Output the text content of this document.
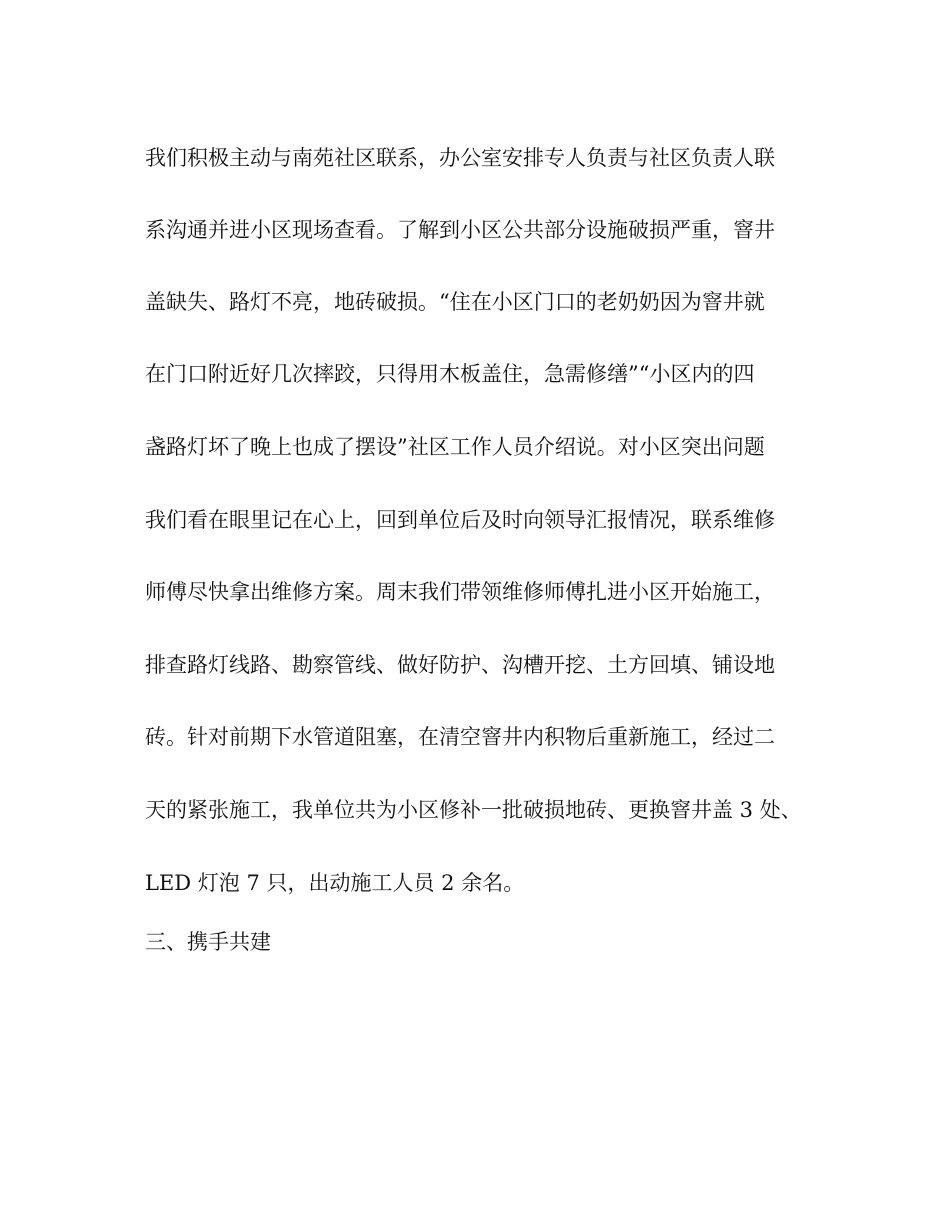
我们积极主动与南苑社区联系，办公室安排专人负责与社区负责人联
系沟通并进小区现场查看。了解到小区公共部分设施破损严重，窨井
盖缺失、路灯不亮，地砖破损。“住在小区门口的老奶奶因为窨井就
在门口附近好几次摔跤，只得用木板盖住，急需修缮”“小区内的四
盏路灯坏了晚上也成了摆设”社区工作人员介绍说。对小区突出问题
我们看在眼里记在心上，回到单位后及时向领导汇报情况，联系维修
师傅尽快拿出维修方案。周末我们带领维修师傅扎进小区开始施工，
排查路灯线路、勘察管线、做好防护、沟槽开挖、土方回填、铺设地
砖。针对前期下水管道阻塞，在清空窨井内积物后重新施工，经过二
天的紧张施工，我单位共为小区修补一批破损地砖、更换窨井盖 3 处、
LED 灯泡 7 只，出动施工人员 2 余名。
三、携手共建
